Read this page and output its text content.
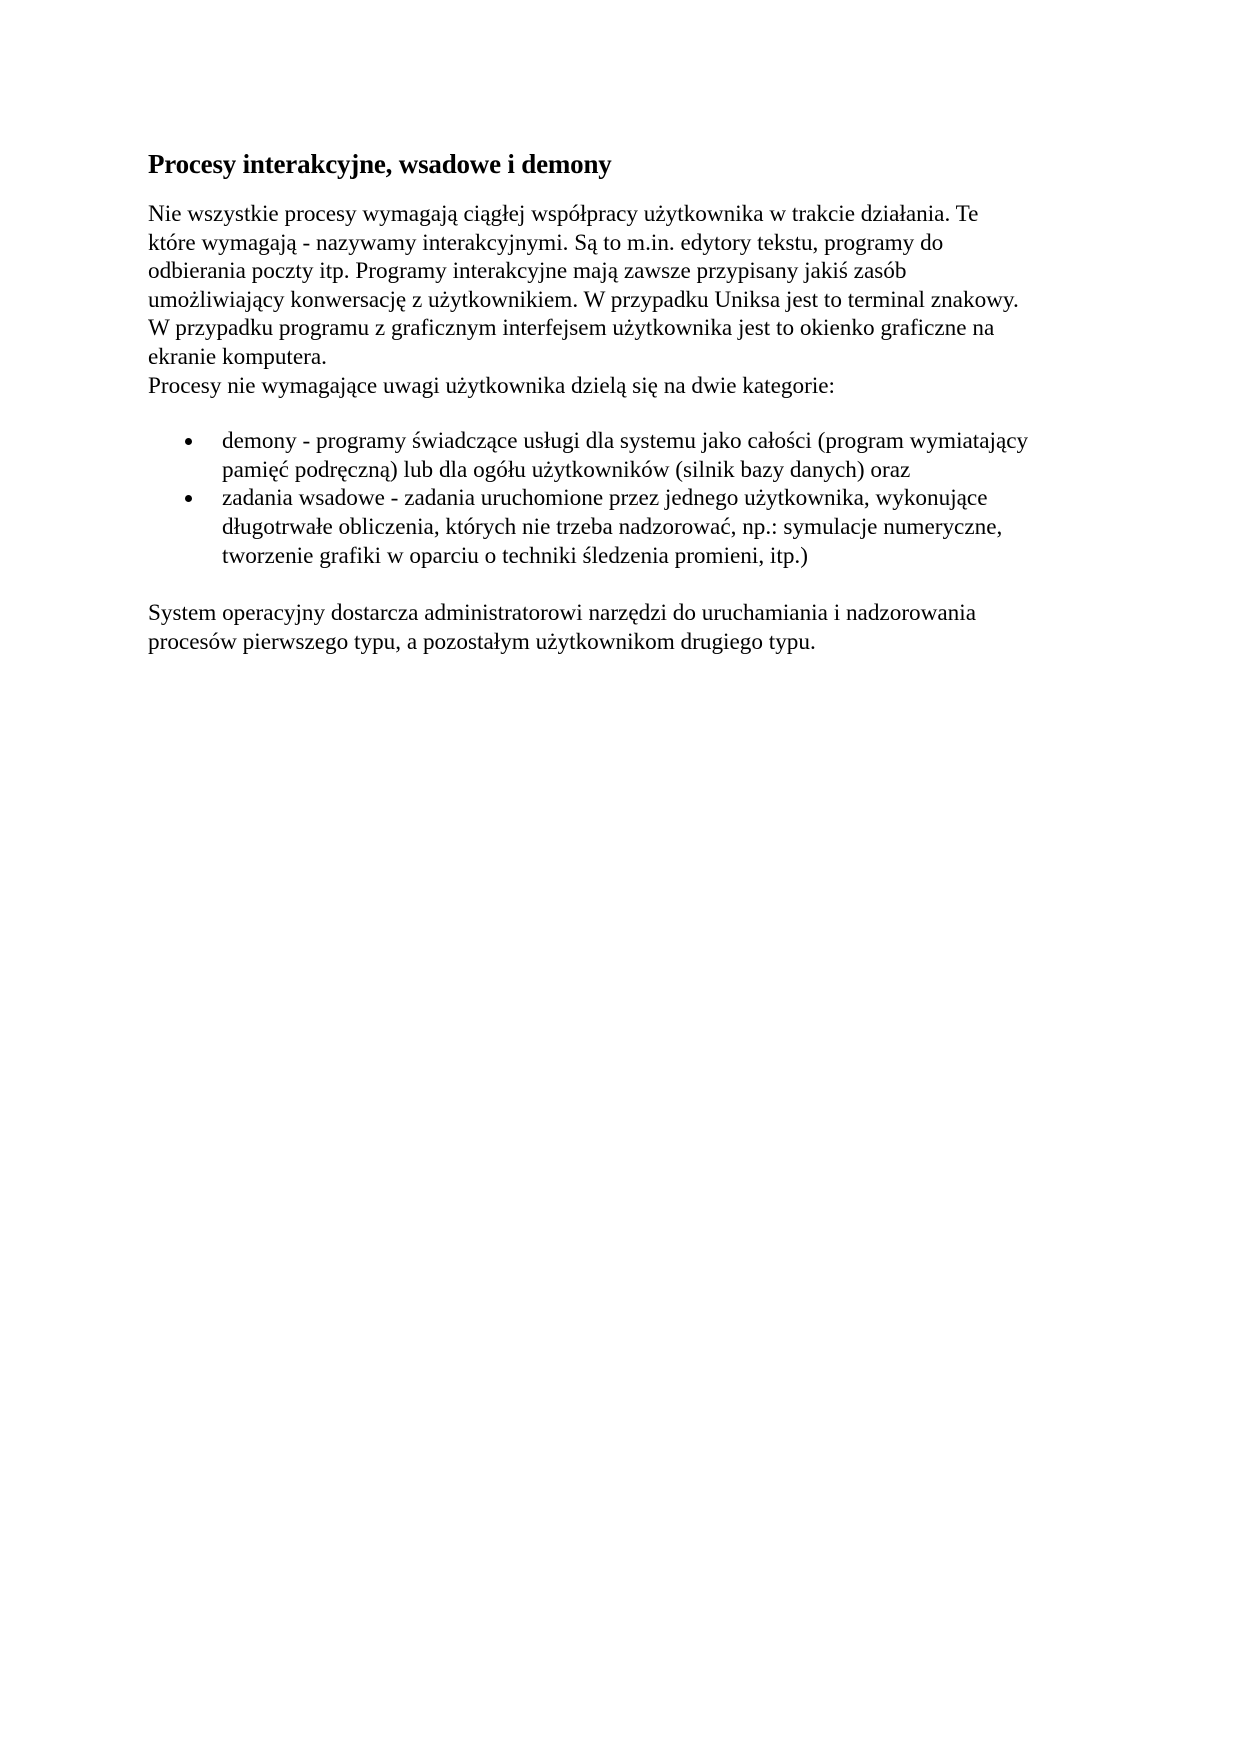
Procesy interakcyjne, wsadowe i demony

Nie wszystkie procesy wymagają ciągłej współpracy użytkownika w trakcie działania. Te
które wymagają - nazywamy interakcyjnymi. Są to m.in. edytory tekstu, programy do
odbierania poczty itp. Programy interakcyjne mają zawsze przypisany jakiś zasób
umożliwiający konwersację z użytkownikiem. W przypadku Uniksa jest to terminal znakowy.
W przypadku programu z graficznym interfejsem użytkownika jest to okienko graficzne na
ekranie komputera.
Procesy nie wymagające uwagi użytkownika dzielą się na dwie kategorie:

demony - programy świadczące usługi dla systemu jako całości (program wymiatający
pamięć podręczną) lub dla ogółu użytkowników (silnik bazy danych) oraz
zadania wsadowe - zadania uruchomione przez jednego użytkownika, wykonujące
długotrwałe obliczenia, których nie trzeba nadzorować, np.: symulacje numeryczne,
tworzenie grafiki w oparciu o techniki śledzenia promieni, itp.)

System operacyjny dostarcza administratorowi narzędzi do uruchamiania i nadzorowania
procesów pierwszego typu, a pozostałym użytkownikom drugiego typu.
